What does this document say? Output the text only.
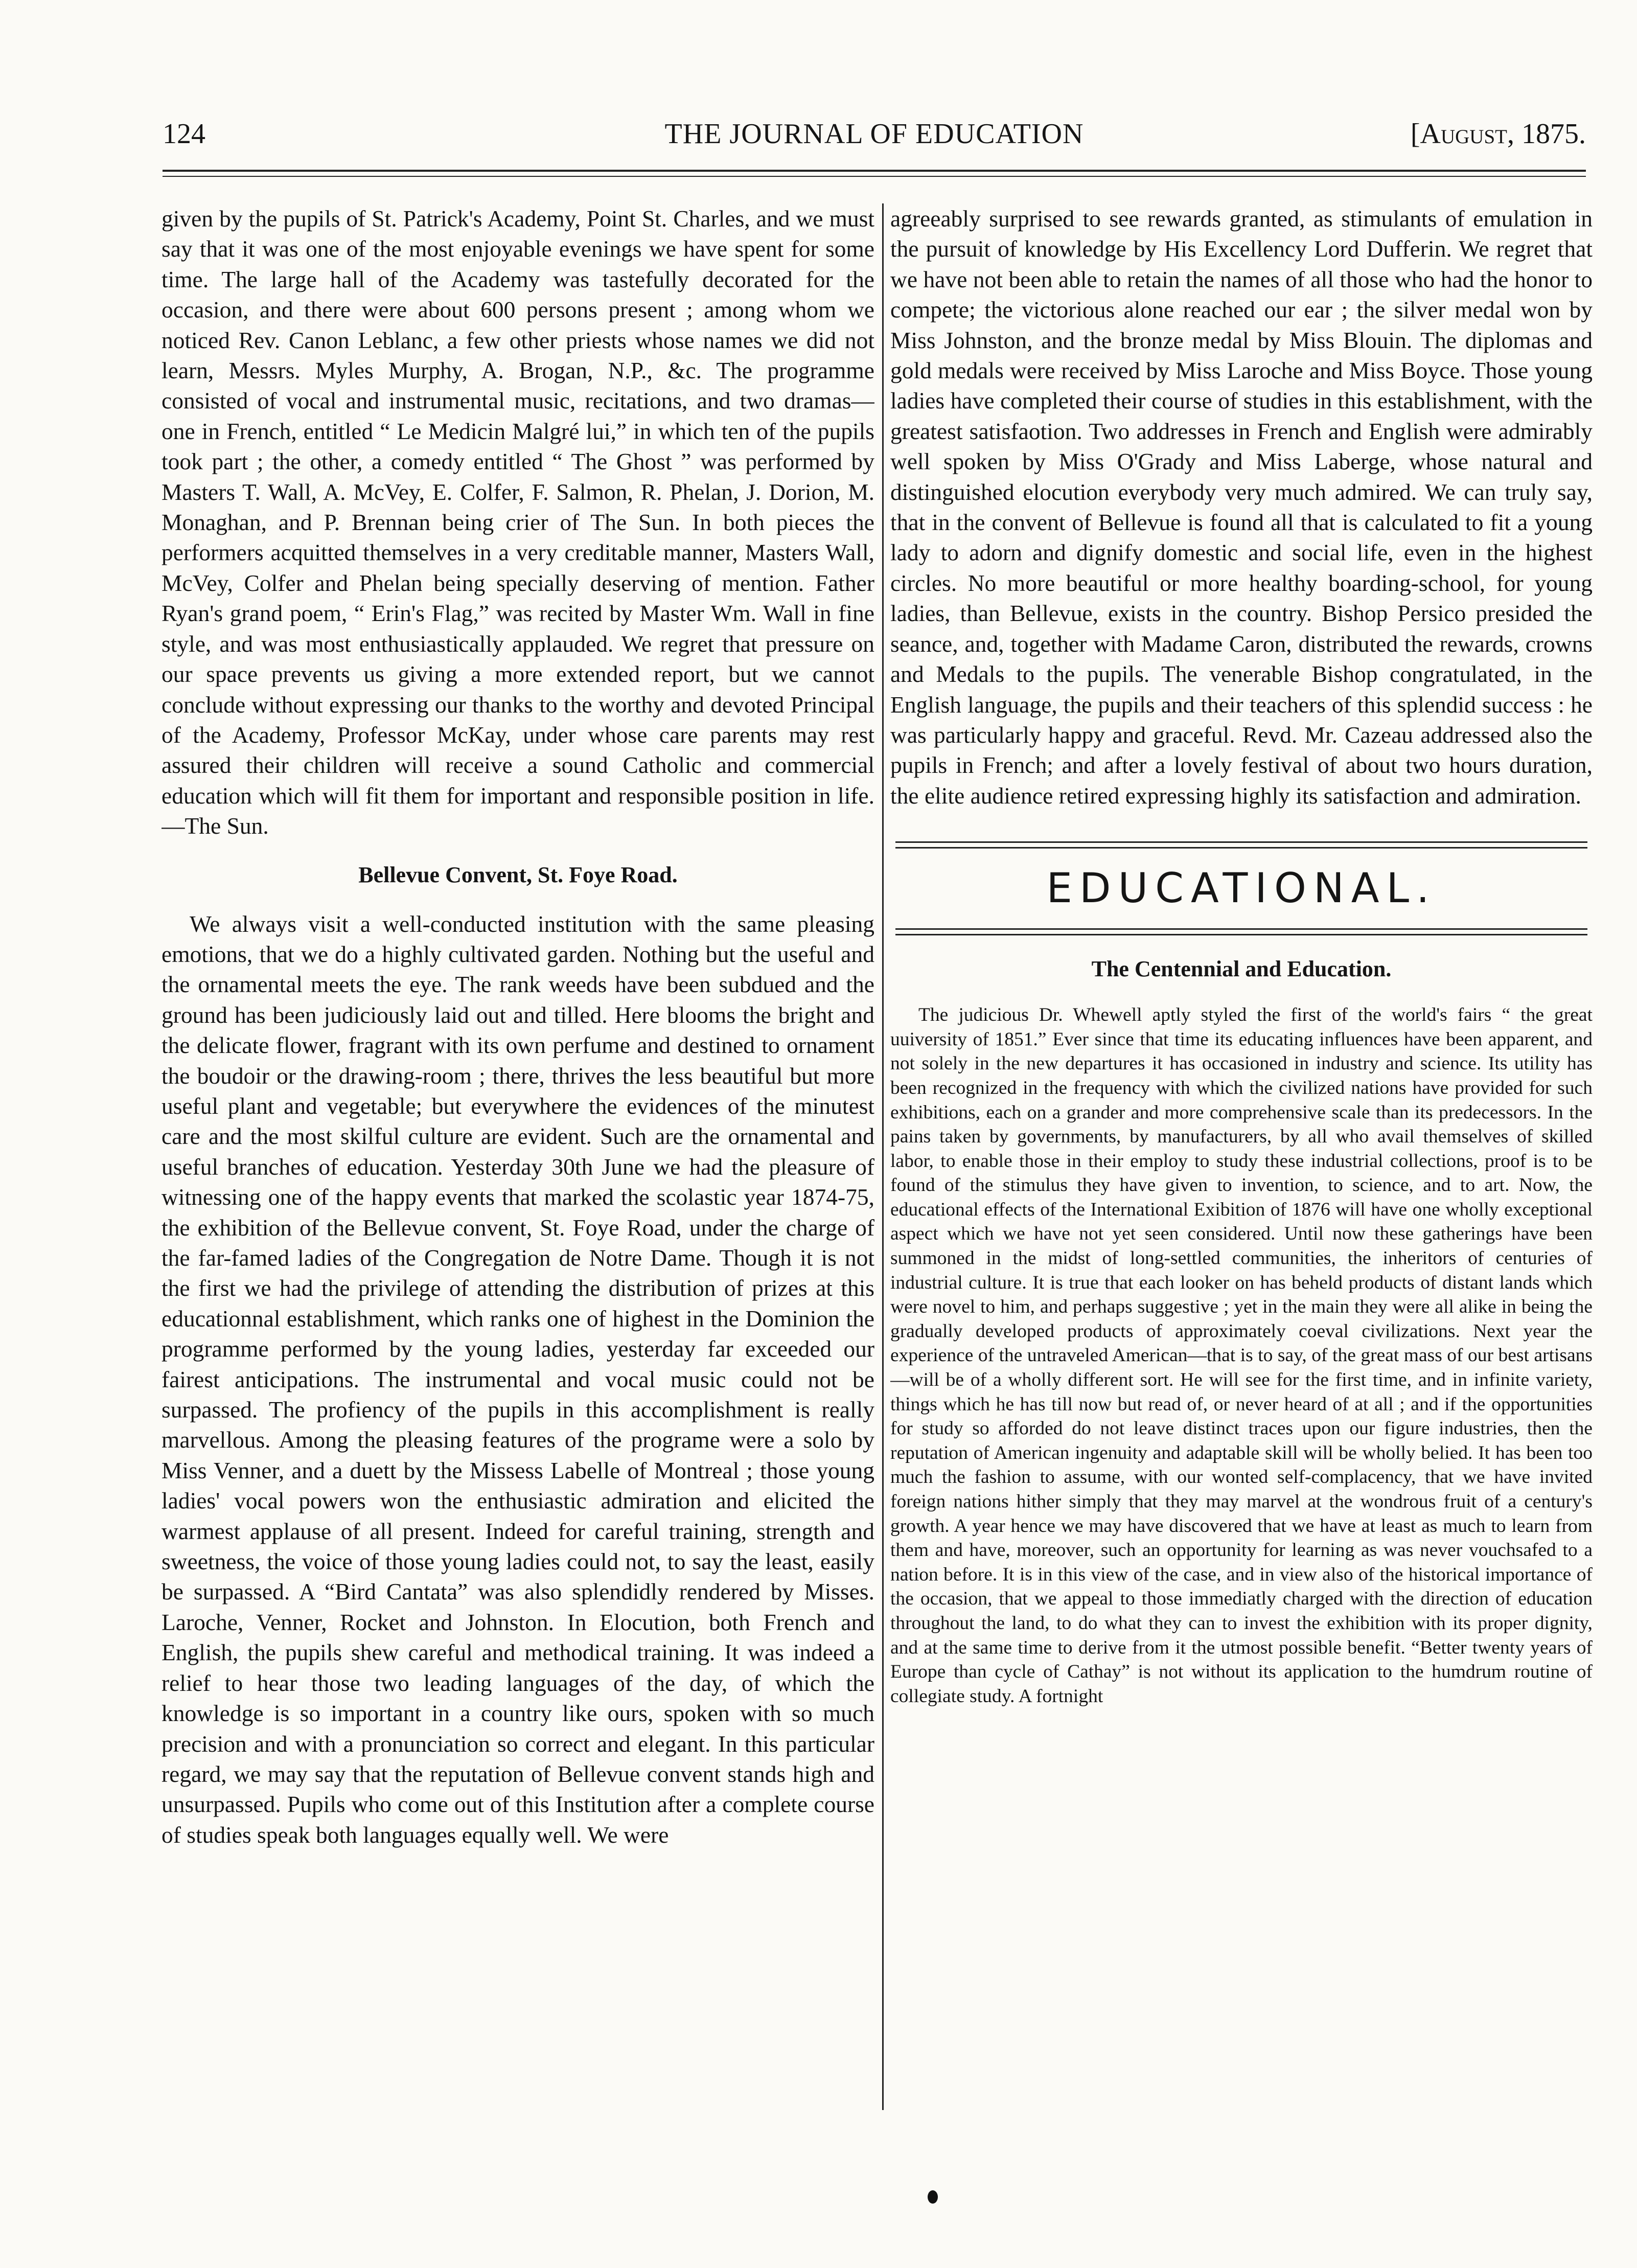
124	THE JOURNAL OF EDUCATION	[August, 1875.

given by the pupils of St. Patrick's Academy, Point St. Charles, and we must say that it was one of the most enjoyable evenings we have spent for some time. The large hall of the Academy was tastefully decorated for the occasion, and there were about 600 persons present ; among whom we noticed Rev. Canon Leblanc, a few other priests whose names we did not learn, Messrs. Myles Murphy, A. Brogan, N.P., &c. The programme consisted of vocal and instrumental music, recitations, and two dramas—one in French, entitled “ Le Medicin Malgré lui,” in which ten of the pupils took part ; the other, a comedy entitled “ The Ghost ” was performed by Masters T. Wall, A. McVey, E. Colfer, F. Salmon, R. Phelan, J. Dorion, M. Monaghan, and P. Brennan being crier of The Sun. In both pieces the performers acquitted themselves in a very creditable manner, Masters Wall, McVey, Colfer and Phelan being specially deserving of mention. Father Ryan's grand poem, “ Erin's Flag,” was recited by Master Wm. Wall in fine style, and was most enthusiastically applauded. We regret that pressure on our space prevents us giving a more extended report, but we cannot conclude without expressing our thanks to the worthy and devoted Principal of the Academy, Professor McKay, under whose care parents may rest assured their children will receive a sound Catholic and commercial education which will fit them for important and responsible position in life.—The Sun.

Bellevue Convent, St. Foye Road.

We always visit a well-conducted institution with the same pleasing emotions, that we do a highly cultivated garden. Nothing but the useful and the ornamental meets the eye. The rank weeds have been subdued and the ground has been judiciously laid out and tilled. Here blooms the bright and the delicate flower, fragrant with its own perfume and destined to ornament the boudoir or the drawing-room ; there, thrives the less beautiful but more useful plant and vegetable; but everywhere the evidences of the minutest care and the most skilful culture are evident. Such are the ornamental and useful branches of education. Yesterday 30th June we had the pleasure of witnessing one of the happy events that marked the scolastic year 1874-75, the exhibition of the Bellevue convent, St. Foye Road, under the charge of the far-famed ladies of the Congregation de Notre Dame. Though it is not the first we had the privilege of attending the distribution of prizes at this educationnal establishment, which ranks one of highest in the Dominion the programme performed by the young ladies, yesterday far exceeded our fairest anticipations. The instrumental and vocal music could not be surpassed. The profiency of the pupils in this accomplishment is really marvellous. Among the pleasing features of the programe were a solo by Miss Venner, and a duett by the Missess Labelle of Montreal ; those young ladies' vocal powers won the enthusiastic admiration and elicited the warmest applause of all present. Indeed for careful training, strength and sweetness, the voice of those young ladies could not, to say the least, easily be surpassed. A “Bird Cantata” was also splendidly rendered by Misses. Laroche, Venner, Rocket and Johnston. In Elocution, both French and English, the pupils shew careful and methodical training. It was indeed a relief to hear those two leading languages of the day, of which the knowledge is so important in a country like ours, spoken with so much precision and with a pronunciation so correct and elegant. In this particular regard, we may say that the reputation of Bellevue convent stands high and unsurpassed. Pupils who come out of this Institution after a complete course of studies speak both languages equally well. We were

agreeably surprised to see rewards granted, as stimulants of emulation in the pursuit of knowledge by His Excellency Lord Dufferin. We regret that we have not been able to retain the names of all those who had the honor to compete; the victorious alone reached our ear ; the silver medal won by Miss Johnston, and the bronze medal by Miss Blouin. The diplomas and gold medals were received by Miss Laroche and Miss Boyce. Those young ladies have completed their course of studies in this establishment, with the greatest satisfaotion. Two addresses in French and English were admirably well spoken by Miss O'Grady and Miss Laberge, whose natural and distinguished elocution everybody very much admired. We can truly say, that in the convent of Bellevue is found all that is calculated to fit a young lady to adorn and dignify domestic and social life, even in the highest circles. No more beautiful or more healthy boarding-school, for young ladies, than Bellevue, exists in the country. Bishop Persico presided the seance, and, together with Madame Caron, distributed the rewards, crowns and Medals to the pupils. The venerable Bishop congratulated, in the English language, the pupils and their teachers of this splendid success : he was particularly happy and graceful. Revd. Mr. Cazeau addressed also the pupils in French; and after a lovely festival of about two hours duration, the elite audience retired expressing highly its satisfaction and admiration.

EDUCATIONAL.

The Centennial and Education.

The judicious Dr. Whewell aptly styled the first of the world's fairs “ the great uuiversity of 1851.” Ever since that time its educating influences have been apparent, and not solely in the new departures it has occasioned in industry and science. Its utility has been recognized in the frequency with which the civilized nations have provided for such exhibitions, each on a grander and more comprehensive scale than its predecessors. In the pains taken by governments, by manufacturers, by all who avail themselves of skilled labor, to enable those in their employ to study these industrial collections, proof is to be found of the stimulus they have given to invention, to science, and to art. Now, the educational effects of the International Exibition of 1876 will have one wholly exceptional aspect which we have not yet seen considered. Until now these gatherings have been summoned in the midst of long-settled communities, the inheritors of centuries of industrial culture. It is true that each looker on has beheld products of distant lands which were novel to him, and perhaps suggestive ; yet in the main they were all alike in being the gradually developed products of approximately coeval civilizations. Next year the experience of the untraveled American—that is to say, of the great mass of our best artisans—will be of a wholly different sort. He will see for the first time, and in infinite variety, things which he has till now but read of, or never heard of at all ; and if the opportunities for study so afforded do not leave distinct traces upon our figure industries, then the reputation of American ingenuity and adaptable skill will be wholly belied. It has been too much the fashion to assume, with our wonted self-complacency, that we have invited foreign nations hither simply that they may marvel at the wondrous fruit of a century's growth. A year hence we may have discovered that we have at least as much to learn from them and have, moreover, such an opportunity for learning as was never vouchsafed to a nation before. It is in this view of the case, and in view also of the historical importance of the occasion, that we appeal to those immediatly charged with the direction of education throughout the land, to do what they can to invest the exhibition with its proper dignity, and at the same time to derive from it the utmost possible benefit. “Better twenty years of Europe than cycle of Cathay” is not without its application to the humdrum routine of collegiate study. A fortnight
